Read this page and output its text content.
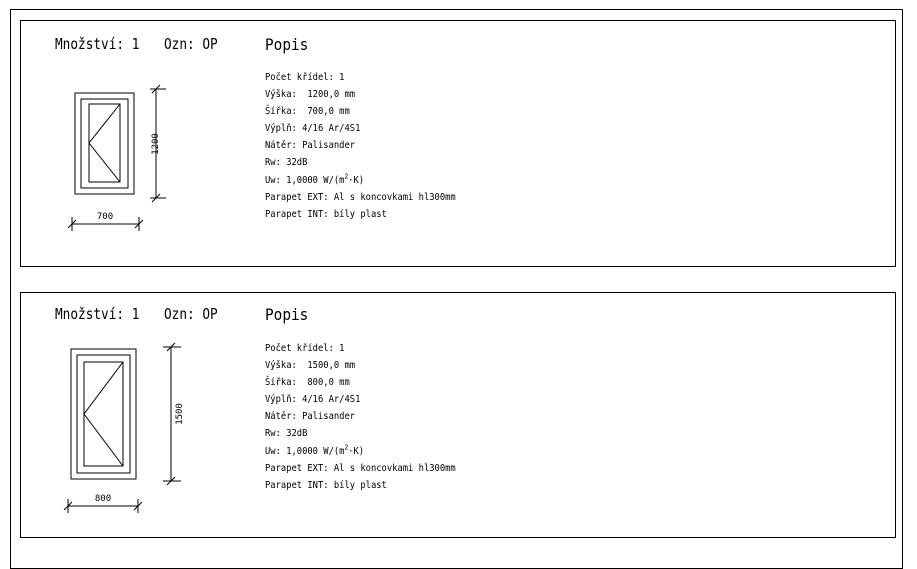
Množství: 1 Ozn: OP	Popis
1200
700
Počet křídel: 1
Výška:  1200,0 mm
Šířka:  700,0 mm
Výplň: 4/16 Ar/4S1
Nátěr: Palisander
Rw: 32dB
Uw: 1,0000 $W/(m^2\cdot K)$
Parapet EXT: Al s koncovkami hl300mm
Parapet INT: bíly plast
Množství: 1 Ozn: OP	Popis
1500
800
Počet křídel: 1
Výška:  1500,0 mm
Šířka:  800,0 mm
Výplň: 4/16 Ar/4S1
Nátěr: Palisander
Rw: 32dB
Uw: 1,0000 $W/(m^2\cdot K)$
Parapet EXT: Al s koncovkami hl300mm
Parapet INT: bíly plast
